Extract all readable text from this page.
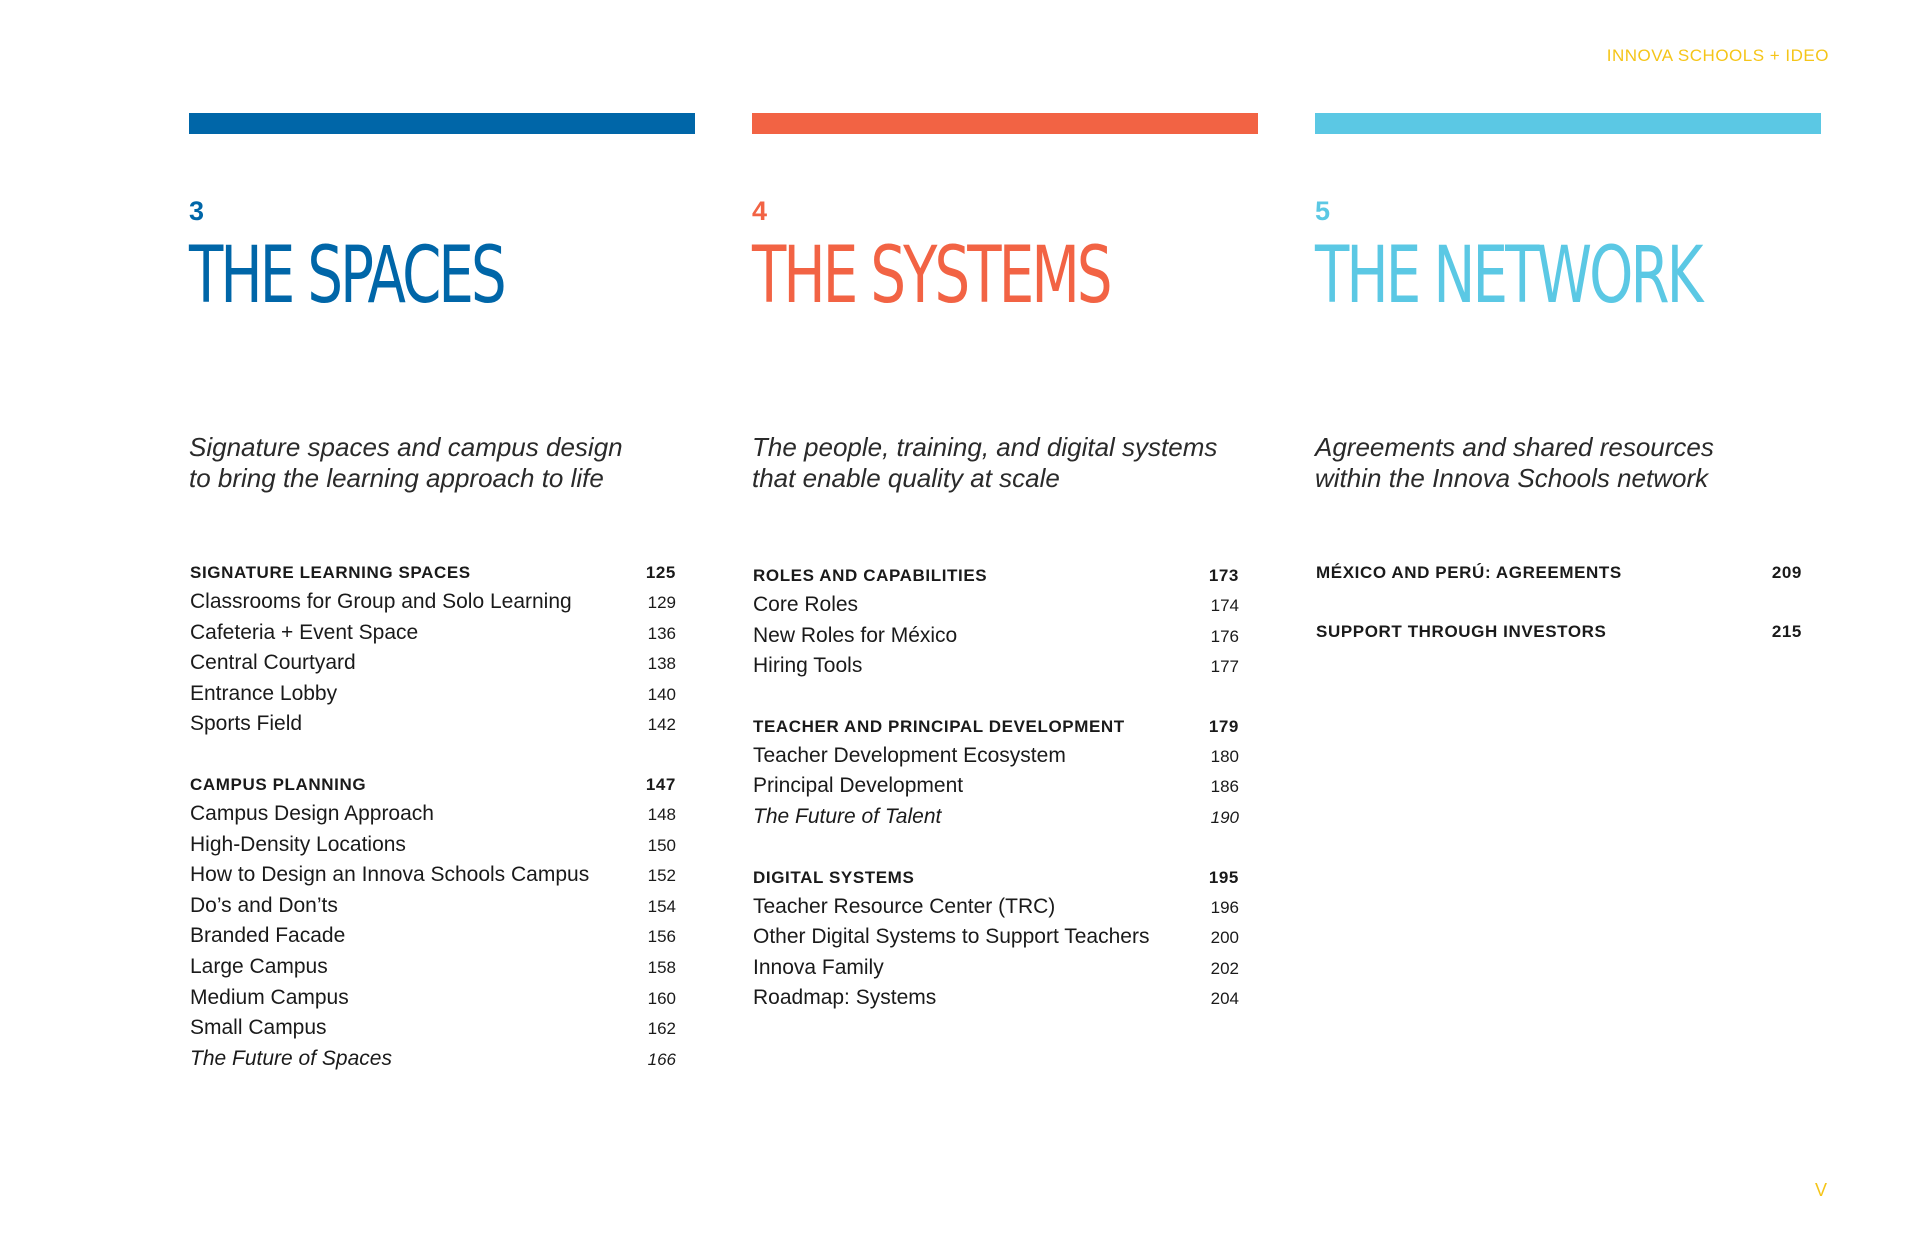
INNOVA SCHOOLS + IDEO
3
THE SPACES
Signature spaces and campus design
to bring the learning approach to life
SIGNATURE LEARNING SPACES	125
Classrooms for Group and Solo Learning	129
Cafeteria + Event Space	136
Central Courtyard	138
Entrance Lobby	140
Sports Field	142
CAMPUS PLANNING	147
Campus Design Approach	148
High-Density Locations	150
How to Design an Innova Schools Campus	152
Do’s and Don’ts	154
Branded Facade	156
Large Campus	158
Medium Campus	160
Small Campus	162
The Future of Spaces	166
4
THE SYSTEMS
The people, training, and digital systems
that enable quality at scale
ROLES AND CAPABILITIES	173
Core Roles	174
New Roles for México	176
Hiring Tools	177
TEACHER AND PRINCIPAL DEVELOPMENT	179
Teacher Development Ecosystem	180
Principal Development	186
The Future of Talent	190
DIGITAL SYSTEMS	195
Teacher Resource Center (TRC)	196
Other Digital Systems to Support Teachers	200
Innova Family	202
Roadmap: Systems	204
5
THE NETWORK
Agreements and shared resources
within the Innova Schools network
MÉXICO AND PERÚ: AGREEMENTS	209
SUPPORT THROUGH INVESTORS	215
V
